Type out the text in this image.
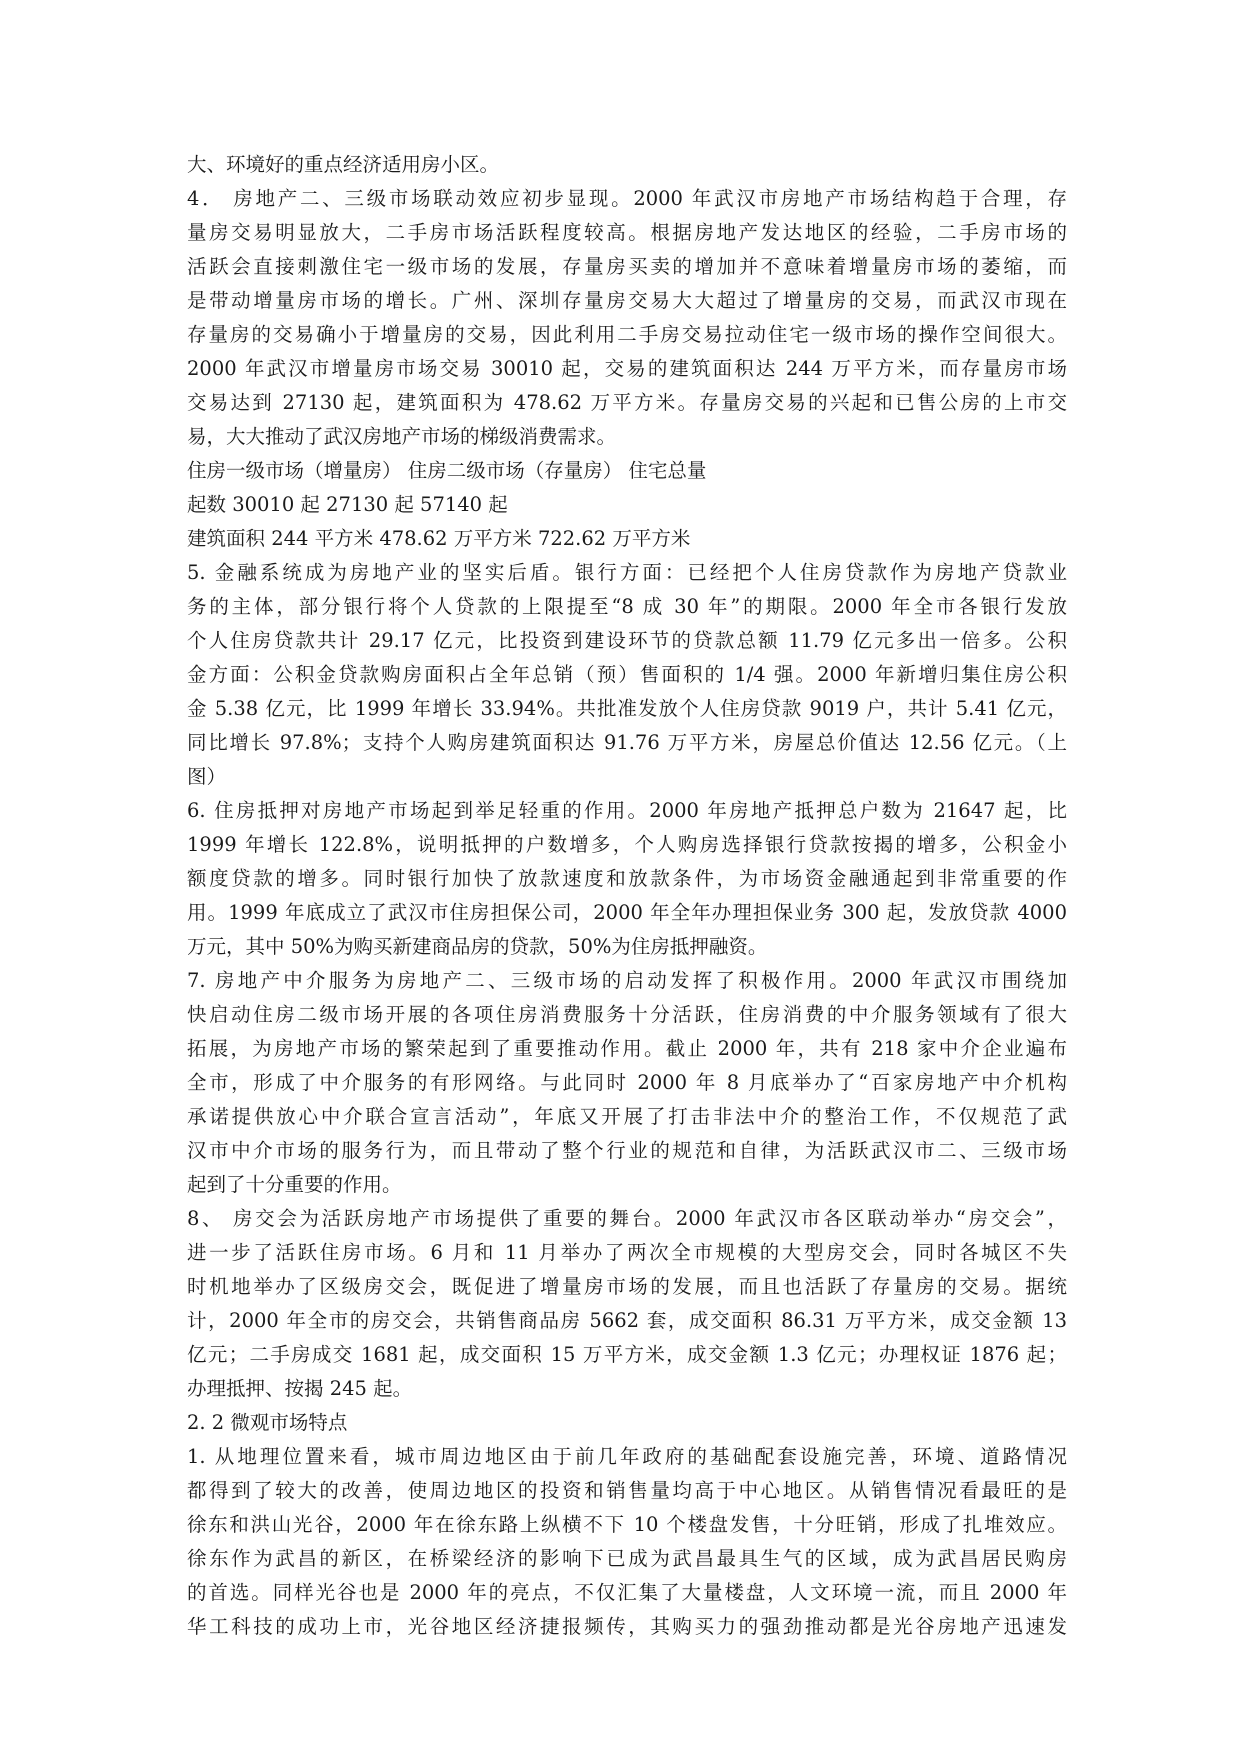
大、环境好的重点经济适用房小区。
4． 房地产二、三级市场联动效应初步显现。2000 年武汉市房地产市场结构趋于合理，存
量房交易明显放大，二手房市场活跃程度较高。根据房地产发达地区的经验，二手房市场的
活跃会直接刺激住宅一级市场的发展，存量房买卖的增加并不意味着增量房市场的萎缩，而
是带动增量房市场的增长。广州、深圳存量房交易大大超过了增量房的交易，而武汉市现在
存量房的交易确小于增量房的交易，因此利用二手房交易拉动住宅一级市场的操作空间很大。
2000 年武汉市增量房市场交易 30010 起，交易的建筑面积达 244 万平方米，而存量房市场
交易达到 27130 起，建筑面积为 478.62 万平方米。存量房交易的兴起和已售公房的上市交
易，大大推动了武汉房地产市场的梯级消费需求。
住房一级市场（增量房） 住房二级市场（存量房） 住宅总量
起数 30010 起 27130 起 57140 起
建筑面积 244 平方米 478.62 万平方米 722.62 万平方米
5. 金融系统成为房地产业的坚实后盾。银行方面：已经把个人住房贷款作为房地产贷款业
务的主体，部分银行将个人贷款的上限提至“8 成 30 年”的期限。2000 年全市各银行发放
个人住房贷款共计 29.17 亿元，比投资到建设环节的贷款总额 11.79 亿元多出一倍多。公积
金方面：公积金贷款购房面积占全年总销（预）售面积的 1/4 强。2000 年新增归集住房公积
金 5.38 亿元，比 1999 年增长 33.94%。共批准发放个人住房贷款 9019 户，共计 5.41 亿元，
同比增长 97.8%；支持个人购房建筑面积达 91.76 万平方米，房屋总价值达 12.56 亿元。（上
图）
6. 住房抵押对房地产市场起到举足轻重的作用。2000 年房地产抵押总户数为 21647 起，比
1999 年增长 122.8%，说明抵押的户数增多，个人购房选择银行贷款按揭的增多，公积金小
额度贷款的增多。同时银行加快了放款速度和放款条件，为市场资金融通起到非常重要的作
用。1999 年底成立了武汉市住房担保公司，2000 年全年办理担保业务 300 起，发放贷款 4000
万元，其中 50%为购买新建商品房的贷款，50%为住房抵押融资。
7. 房地产中介服务为房地产二、三级市场的启动发挥了积极作用。2000 年武汉市围绕加
快启动住房二级市场开展的各项住房消费服务十分活跃，住房消费的中介服务领域有了很大
拓展，为房地产市场的繁荣起到了重要推动作用。截止 2000 年，共有 218 家中介企业遍布
全市，形成了中介服务的有形网络。与此同时 2000 年 8 月底举办了“百家房地产中介机构
承诺提供放心中介联合宣言活动”，年底又开展了打击非法中介的整治工作，不仅规范了武
汉市中介市场的服务行为，而且带动了整个行业的规范和自律，为活跃武汉市二、三级市场
起到了十分重要的作用。
8、 房交会为活跃房地产市场提供了重要的舞台。2000 年武汉市各区联动举办“房交会”，
进一步了活跃住房市场。6 月和 11 月举办了两次全市规模的大型房交会，同时各城区不失
时机地举办了区级房交会，既促进了增量房市场的发展，而且也活跃了存量房的交易。据统
计，2000 年全市的房交会，共销售商品房 5662 套，成交面积 86.31 万平方米，成交金额 13
亿元；二手房成交 1681 起，成交面积 15 万平方米，成交金额 1.3 亿元；办理权证 1876 起；
办理抵押、按揭 245 起。
2. 2 微观市场特点
1. 从地理位置来看，城市周边地区由于前几年政府的基础配套设施完善，环境、道路情况
都得到了较大的改善，使周边地区的投资和销售量均高于中心地区。从销售情况看最旺的是
徐东和洪山光谷，2000 年在徐东路上纵横不下 10 个楼盘发售，十分旺销，形成了扎堆效应。
徐东作为武昌的新区，在桥梁经济的影响下已成为武昌最具生气的区域，成为武昌居民购房
的首选。同样光谷也是 2000 年的亮点，不仅汇集了大量楼盘，人文环境一流，而且 2000 年
华工科技的成功上市，光谷地区经济捷报频传，其购买力的强劲推动都是光谷房地产迅速发
